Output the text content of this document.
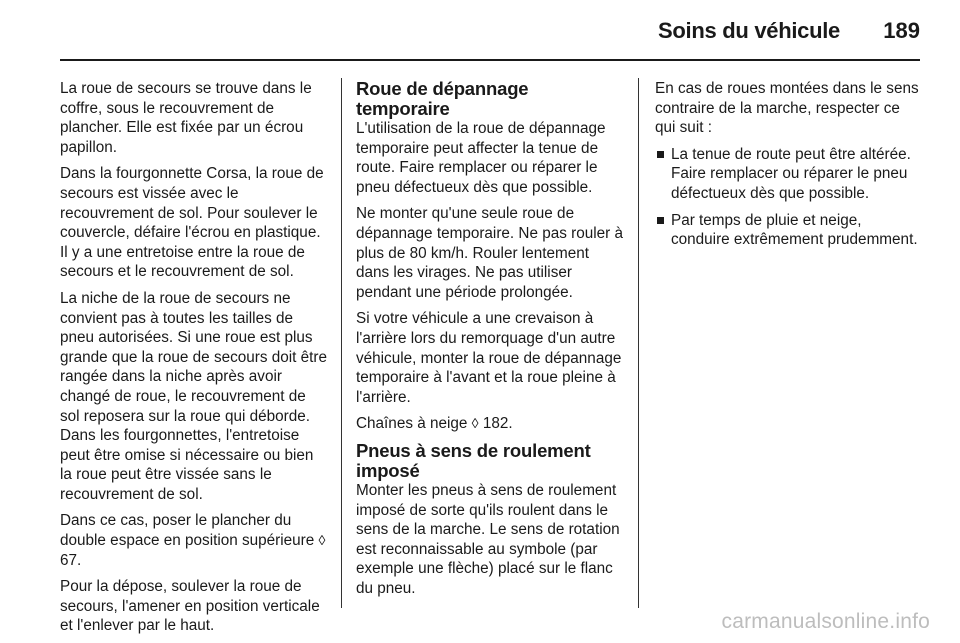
Soins du véhicule 189

La roue de secours se trouve dans le coffre, sous le recouvrement de plancher. Elle est fixée par un écrou papillon.

Dans la fourgonnette Corsa, la roue de secours est vissée avec le recouvrement de sol. Pour soulever le couvercle, défaire l'écrou en plastique. Il y a une entretoise entre la roue de secours et le recouvrement de sol.

La niche de la roue de secours ne convient pas à toutes les tailles de pneu autorisées. Si une roue est plus grande que la roue de secours doit être rangée dans la niche après avoir changé de roue, le recouvrement de sol reposera sur la roue qui déborde. Dans les fourgonnettes, l'entretoise peut être omise si nécessaire ou bien la roue peut être vissée sans le recouvrement de sol.

Dans ce cas, poser le plancher du double espace en position supérieure ◊ 67.

Pour la dépose, soulever la roue de secours, l'amener en position verticale et l'enlever par le haut.

Roue de dépannage temporaire

L'utilisation de la roue de dépannage temporaire peut affecter la tenue de route. Faire remplacer ou réparer le pneu défectueux dès que possible.

Ne monter qu'une seule roue de dépannage temporaire. Ne pas rouler à plus de 80 km/h. Rouler lentement dans les virages. Ne pas utiliser pendant une période prolongée.

Si votre véhicule a une crevaison à l'arrière lors du remorquage d'un autre véhicule, monter la roue de dépannage temporaire à l'avant et la roue pleine à l'arrière.

Chaînes à neige ◊ 182.

Pneus à sens de roulement imposé

Monter les pneus à sens de roulement imposé de sorte qu'ils roulent dans le sens de la marche. Le sens de rotation est reconnaissable au symbole (par exemple une flèche) placé sur le flanc du pneu.

En cas de roues montées dans le sens contraire de la marche, respecter ce qui suit :

La tenue de route peut être altérée. Faire remplacer ou réparer le pneu défectueux dès que possible.
Par temps de pluie et neige, conduire extrêmement prudemment.
carmanualsonline.info
